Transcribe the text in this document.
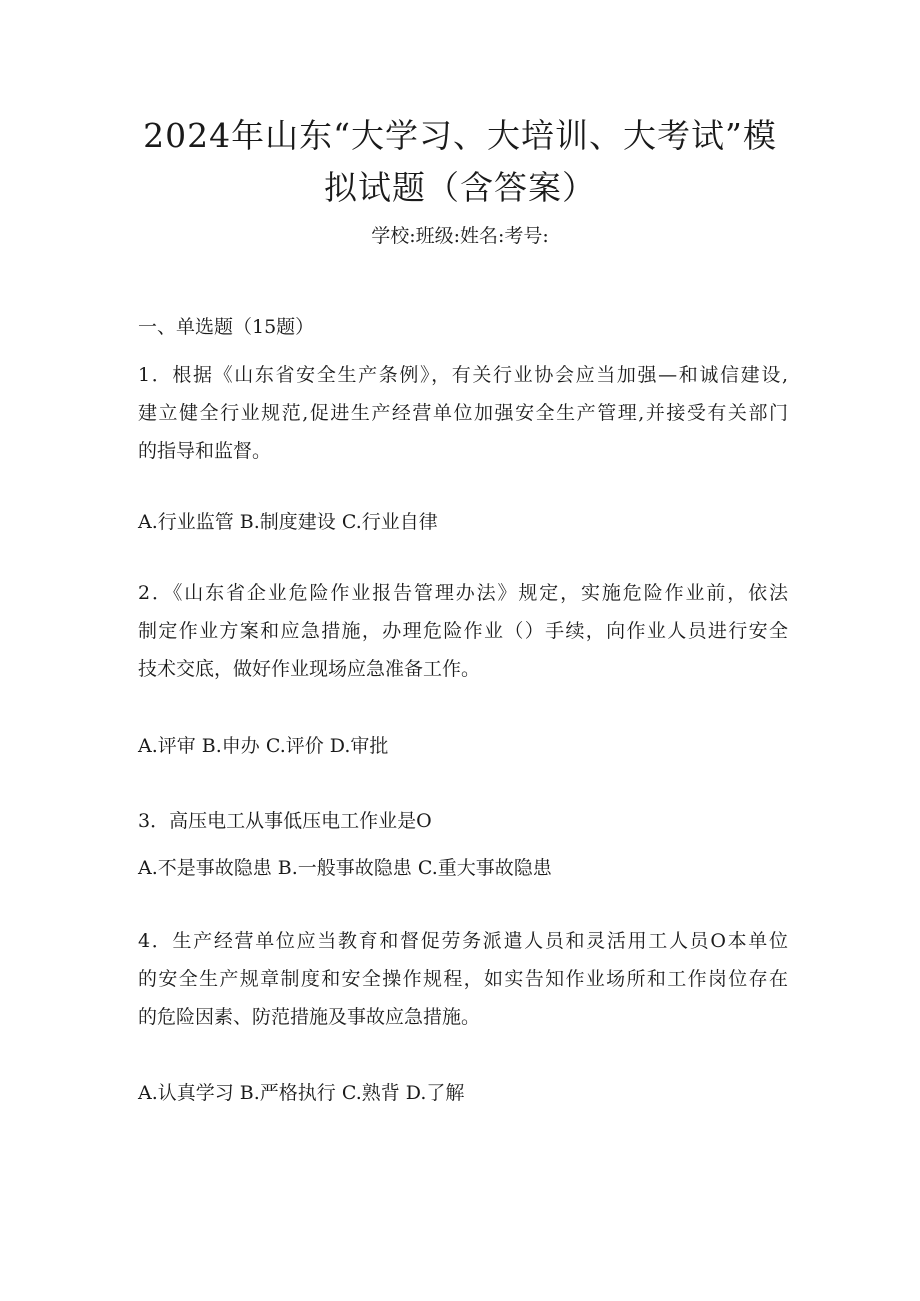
2024年山东“大学习、大培训、大考试”模
拟试题（含答案）
学校:班级:姓名:考号:
一、单选题（15题）
1．根据《山东省安全生产条例》，有关行业协会应当加强—和诚信建设,
建立健全行业规范,促进生产经营单位加强安全生产管理,并接受有关部门
的指导和监督。
A.行业监管 B.制度建设 C.行业自律
2．《山东省企业危险作业报告管理办法》规定，实施危险作业前，依法
制定作业方案和应急措施，办理危险作业（）手续，向作业人员进行安全
技术交底，做好作业现场应急准备工作。
A.评审 B.申办 C.评价 D.审批
3．高压电工从事低压电工作业是O
A.不是事故隐患 B.一般事故隐患 C.重大事故隐患
4．生产经营单位应当教育和督促劳务派遣人员和灵活用工人员O本单位
的安全生产规章制度和安全操作规程，如实告知作业场所和工作岗位存在
的危险因素、防范措施及事故应急措施。
A.认真学习 B.严格执行 C.熟背 D.了解
